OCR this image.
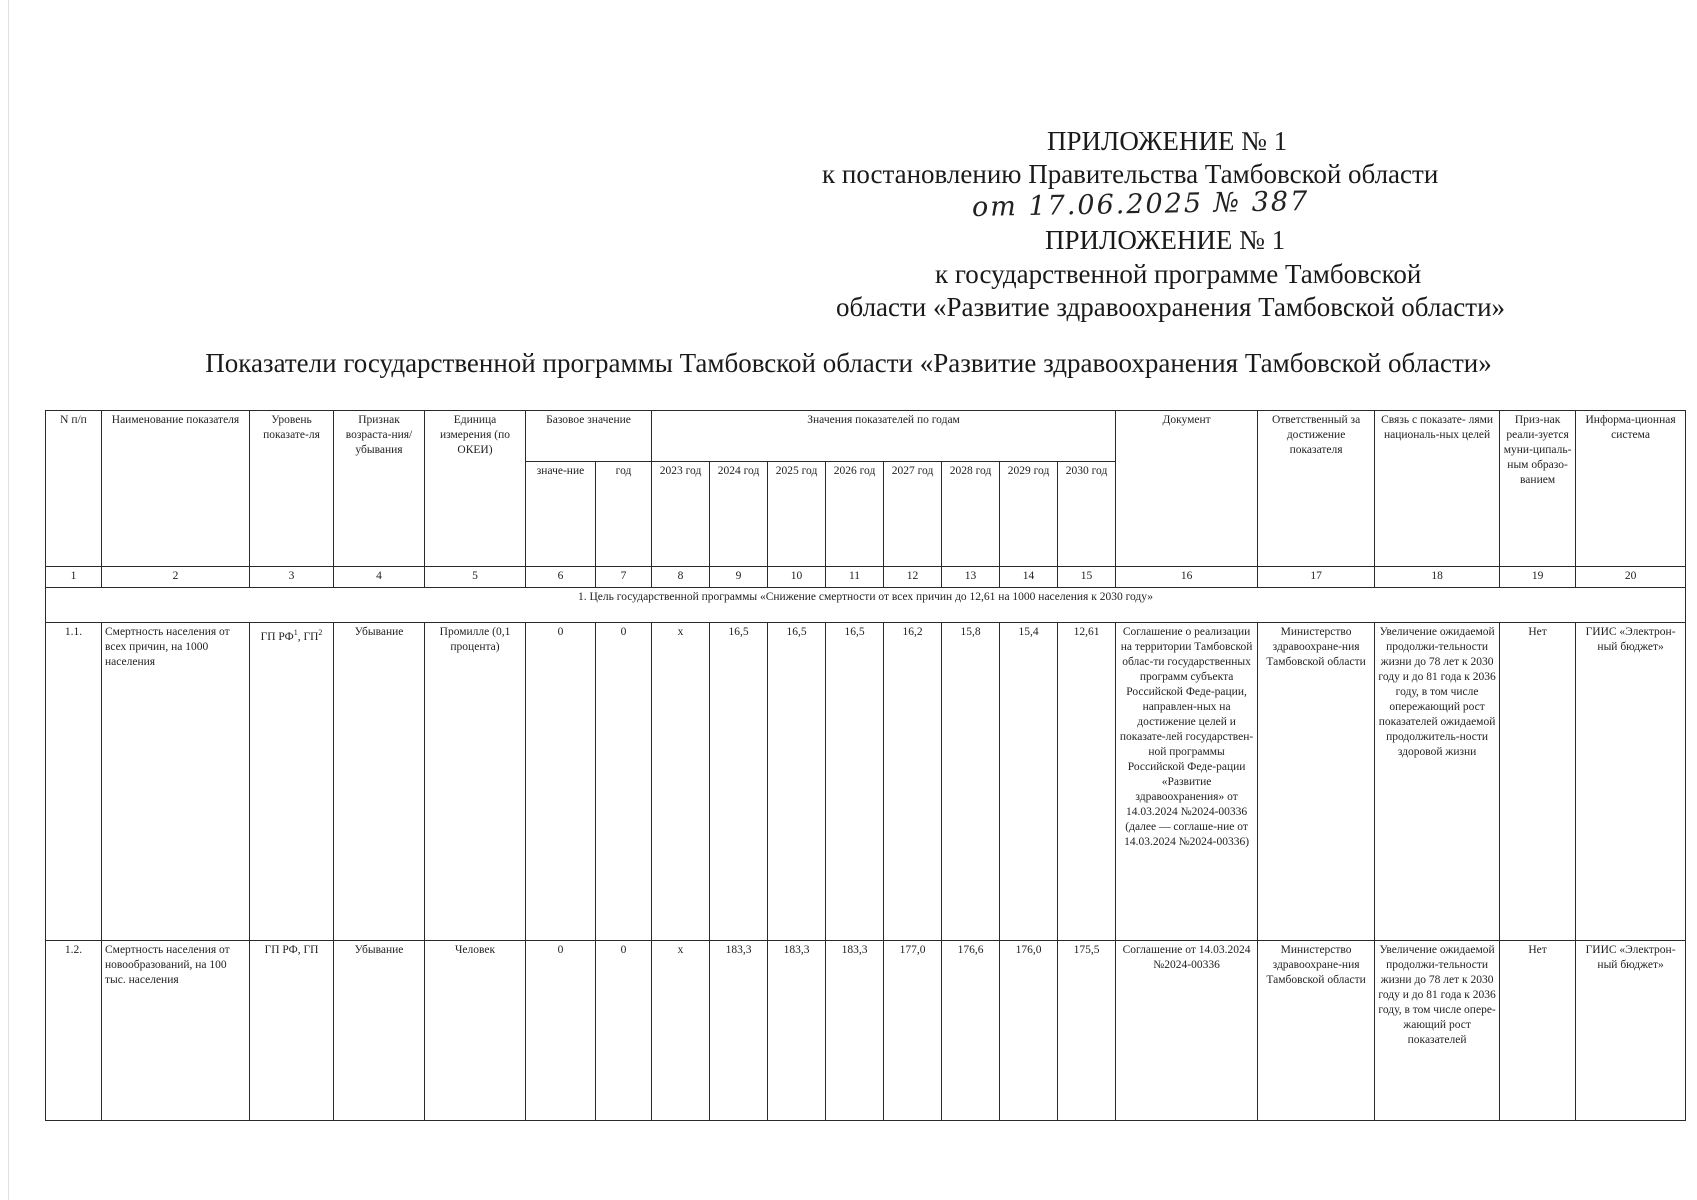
ПРИЛОЖЕНИЕ № 1
к постановлению Правительства Тамбовской области
от 17.06.2025 № 387
ПРИЛОЖЕНИЕ № 1
к государственной программе Тамбовской
области «Развитие здравоохранения Тамбовской области»
Показатели государственной программы Тамбовской области «Развитие здравоохранения Тамбовской области»
N п/п	Наименование показателя	Уровень показате-ля	Признак возраста-ния/ убывания	Единица измерения (по ОКЕИ)	Базовое значение		Значения показателей по годам								Документ	Ответственный за достижение показателя	Связь с показате- лями националь-ных целей	Приз-нак реали-зуется муни-ципаль-ным образо-ванием	Информа-ционная система
					значе-ние	год	2023 год	2024 год	2025 год	2026 год	2027 год	2028 год	2029 год	2030 год					
1	2	3	4	5	6	7	8	9	10	11	12	13	14	15	16	17	18	19	20
1. Цель государственной программы «Снижение смертности от всех причин до 12,61 на 1000 населения к 2030 году»																			
1.1.	Смертность населения от всех причин, на 1000 населения	ГП $РФ^1$, $ГП^2$	Убывание	Промилле (0,1 процента)	0	0	х	16,5	16,5	16,5	16,2	15,8	15,4	12,61	Соглашение о реализации на территории Тамбовской облас-ти государственных программ субъекта Российской Феде-рации, направлен-ных на достижение целей и показате-лей государствен-ной программы Российской Феде-рации «Развитие здравоохранения» от 14.03.2024 №2024-00336 (далее — соглаше-ние от 14.03.2024 №2024-00336)	Министерство здравоохране-ния Тамбовской области	Увеличение ожидаемой продолжи-тельности жизни до 78 лет к 2030 году и до 81 года к 2036 году, в том числе опережающий рост показателей ожидаемой продолжитель-ности здоровой жизни	Нет	ГИИС «Электрон-ный бюджет»
1.2.	Смертность населения от новообразований, на 100 тыс. населения	ГП РФ, ГП	Убывание	Человек	0	0	х	183,3	183,3	183,3	177,0	176,6	176,0	175,5	Соглашение от 14.03.2024 №2024-00336	Министерство здравоохране-ния Тамбовской области	Увеличение ожидаемой продолжи-тельности жизни до 78 лет к 2030 году и до 81 года к 2036 году, в том числе опере-жающий рост показателей	Нет	ГИИС «Электрон-ный бюджет»
